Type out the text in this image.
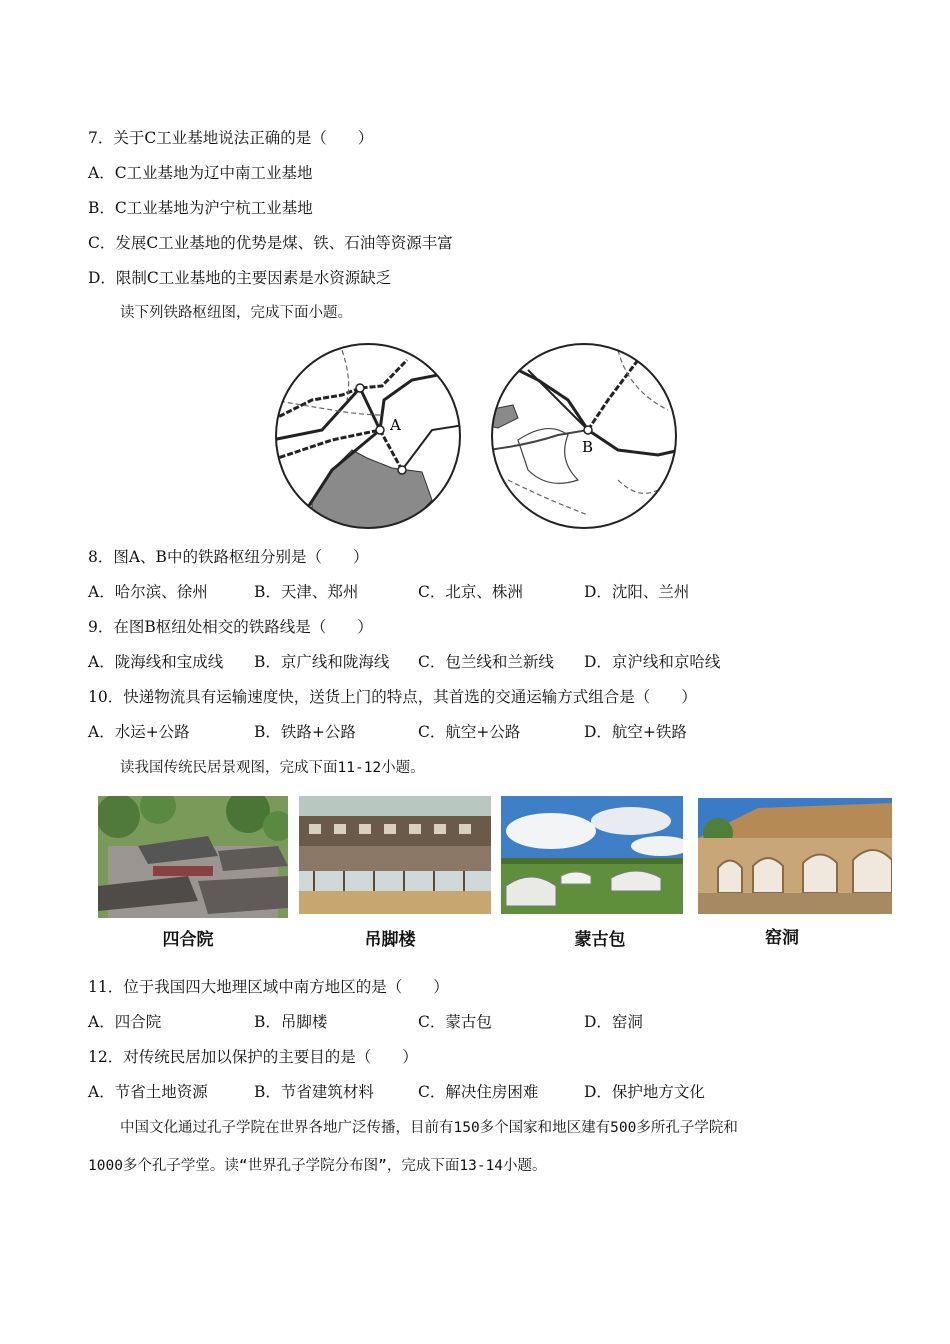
7．关于C工业基地说法正确的是（　　）
A．C工业基地为辽中南工业基地
B．C工业基地为沪宁杭工业基地
C．发展C工业基地的优势是煤、铁、石油等资源丰富
D．限制C工业基地的主要因素是水资源缺乏
读下列铁路枢纽图，完成下面小题。
A
B
8．图A、B中的铁路枢纽分别是（　　）
A．哈尔滨、徐州	B．天津、郑州	C．北京、株洲	D．沈阳、兰州
9．在图B枢纽处相交的铁路线是（　　）
A．陇海线和宝成线 B．京广线和陇海线 C．包兰线和兰新线 D．京沪线和京哈线
10．快递物流具有运输速度快，送货上门的特点，其首选的交通运输方式组合是（　　）
A．水运+公路	B．铁路+公路	C．航空+公路	D．航空+铁路
读我国传统民居景观图，完成下面11-12小题。
四合院	吊脚楼	蒙古包	窑洞
11．位于我国四大地理区域中南方地区的是（　　）
A．四合院	B．吊脚楼	C．蒙古包	D．窑洞
12．对传统民居加以保护的主要目的是（　　）
A．节省土地资源	B．节省建筑材料	C．解决住房困难	D．保护地方文化
中国文化通过孔子学院在世界各地广泛传播，目前有150多个国家和地区建有500多所孔子学院和
1000多个孔子学堂。读“世界孔子学院分布图”，完成下面13-14小题。
